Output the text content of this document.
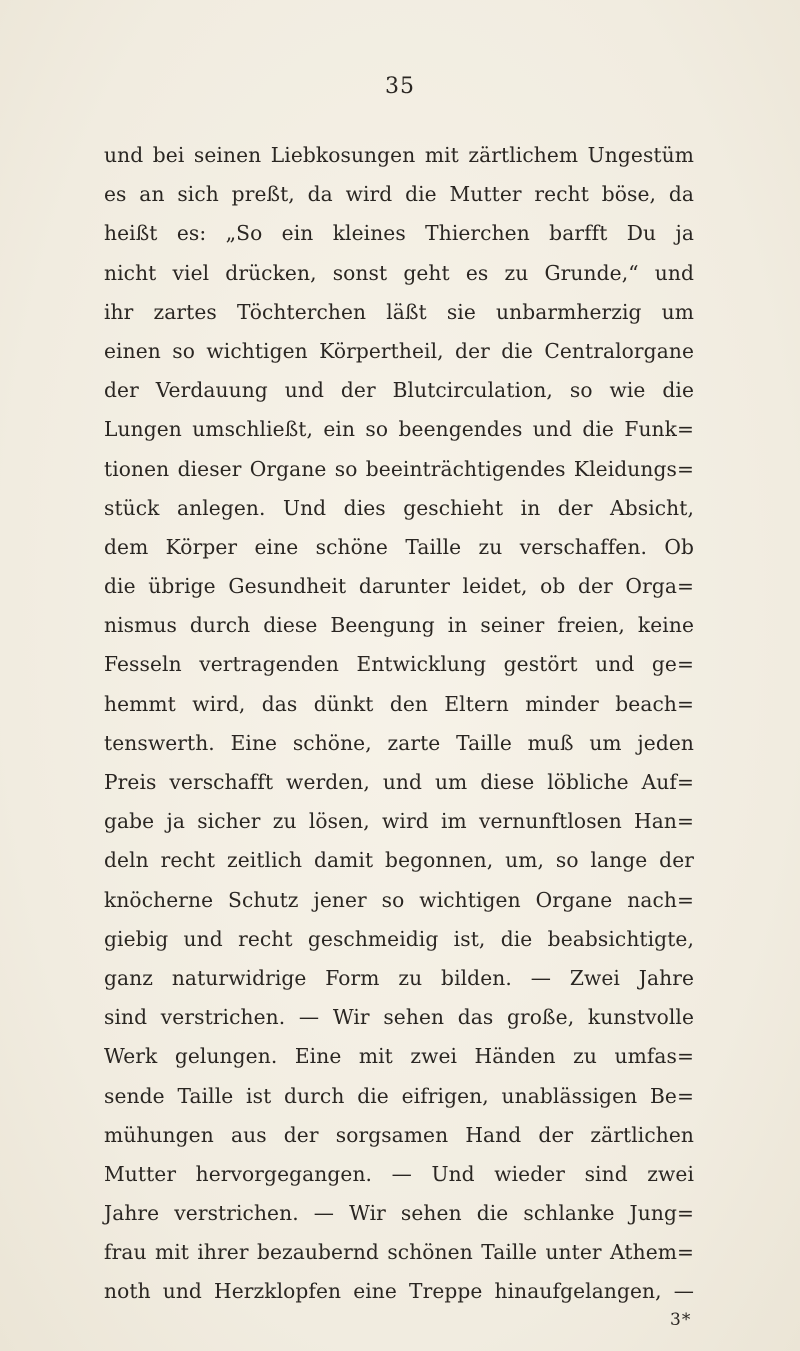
35
und bei seinen Liebkosungen mit zärtlichem Ungestüm
es an sich preßt, da wird die Mutter recht böse, da
heißt es: „So ein kleines Thierchen barfft Du ja
nicht viel drücken, sonst geht es zu Grunde,“ und
ihr zartes Töchterchen läßt sie unbarmherzig um
einen so wichtigen Körpertheil, der die Centralorgane
der Verdauung und der Blutcirculation, so wie die
Lungen umschließt, ein so beengendes und die Funk=
tionen dieser Organe so beeinträchtigendes Kleidungs=
stück anlegen. Und dies geschieht in der Absicht,
dem Körper eine schöne Taille zu verschaffen. Ob
die übrige Gesundheit darunter leidet, ob der Orga=
nismus durch diese Beengung in seiner freien, keine
Fesseln vertragenden Entwicklung gestört und ge=
hemmt wird, das dünkt den Eltern minder beach=
tenswerth. Eine schöne, zarte Taille muß um jeden
Preis verschafft werden, und um diese löbliche Auf=
gabe ja sicher zu lösen, wird im vernunftlosen Han=
deln recht zeitlich damit begonnen, um, so lange der
knöcherne Schutz jener so wichtigen Organe nach=
giebig und recht geschmeidig ist, die beabsichtigte,
ganz naturwidrige Form zu bilden. — Zwei Jahre
sind verstrichen. — Wir sehen das große, kunstvolle
Werk gelungen. Eine mit zwei Händen zu umfas=
sende Taille ist durch die eifrigen, unablässigen Be=
mühungen aus der sorgsamen Hand der zärtlichen
Mutter hervorgegangen. — Und wieder sind zwei
Jahre verstrichen. — Wir sehen die schlanke Jung=
frau mit ihrer bezaubernd schönen Taille unter Athem=
noth und Herzklopfen eine Treppe hinaufgelangen, —
3*
